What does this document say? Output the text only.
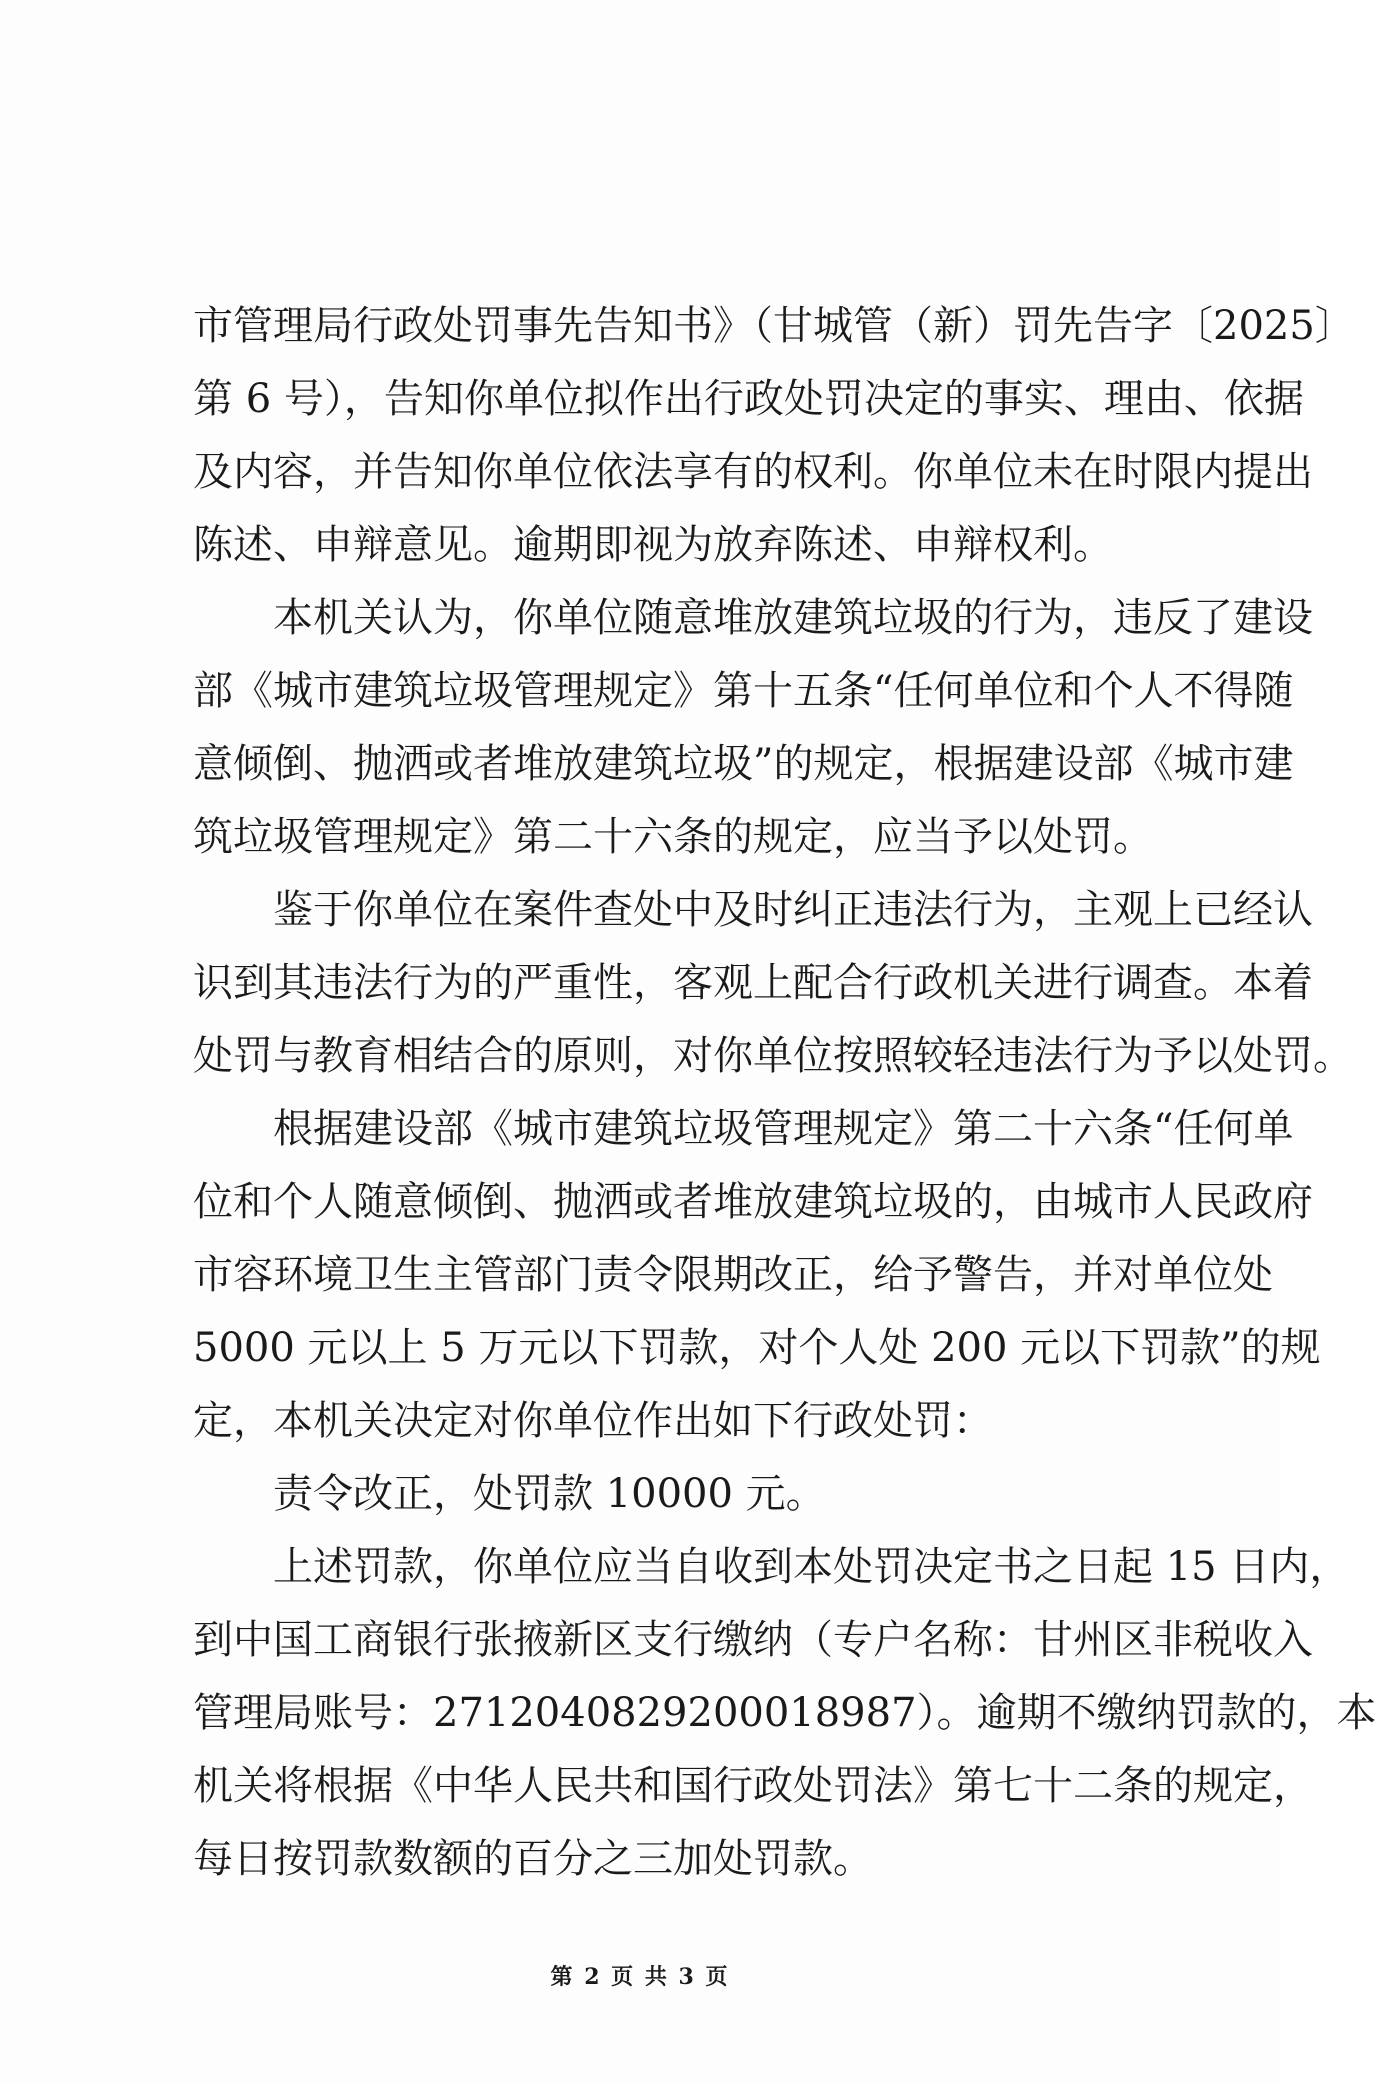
市管理局行政处罚事先告知书》（甘城管（新）罚先告字〔2025〕
第 6 号），告知你单位拟作出行政处罚决定的事实、理由、依据
及内容，并告知你单位依法享有的权利。你单位未在时限内提出
陈述、申辩意见。逾期即视为放弃陈述、申辩权利。
本机关认为，你单位随意堆放建筑垃圾的行为，违反了建设
部《城市建筑垃圾管理规定》第十五条“任何单位和个人不得随
意倾倒、抛洒或者堆放建筑垃圾”的规定，根据建设部《城市建
筑垃圾管理规定》第二十六条的规定，应当予以处罚。
鉴于你单位在案件查处中及时纠正违法行为，主观上已经认
识到其违法行为的严重性，客观上配合行政机关进行调查。本着
处罚与教育相结合的原则，对你单位按照较轻违法行为予以处罚。
根据建设部《城市建筑垃圾管理规定》第二十六条“任何单
位和个人随意倾倒、抛洒或者堆放建筑垃圾的，由城市人民政府
市容环境卫生主管部门责令限期改正，给予警告，并对单位处
5000 元以上 5 万元以下罚款，对个人处 200 元以下罚款”的规
定，本机关决定对你单位作出如下行政处罚：
责令改正，处罚款 10000 元。
上述罚款，你单位应当自收到本处罚决定书之日起 15 日内，
到中国工商银行张掖新区支行缴纳（专户名称：甘州区非税收入
管理局账号：2712040829200018987）。逾期不缴纳罚款的，本
机关将根据《中华人民共和国行政处罚法》第七十二条的规定，
每日按罚款数额的百分之三加处罚款。
第 2 页 共 3 页
